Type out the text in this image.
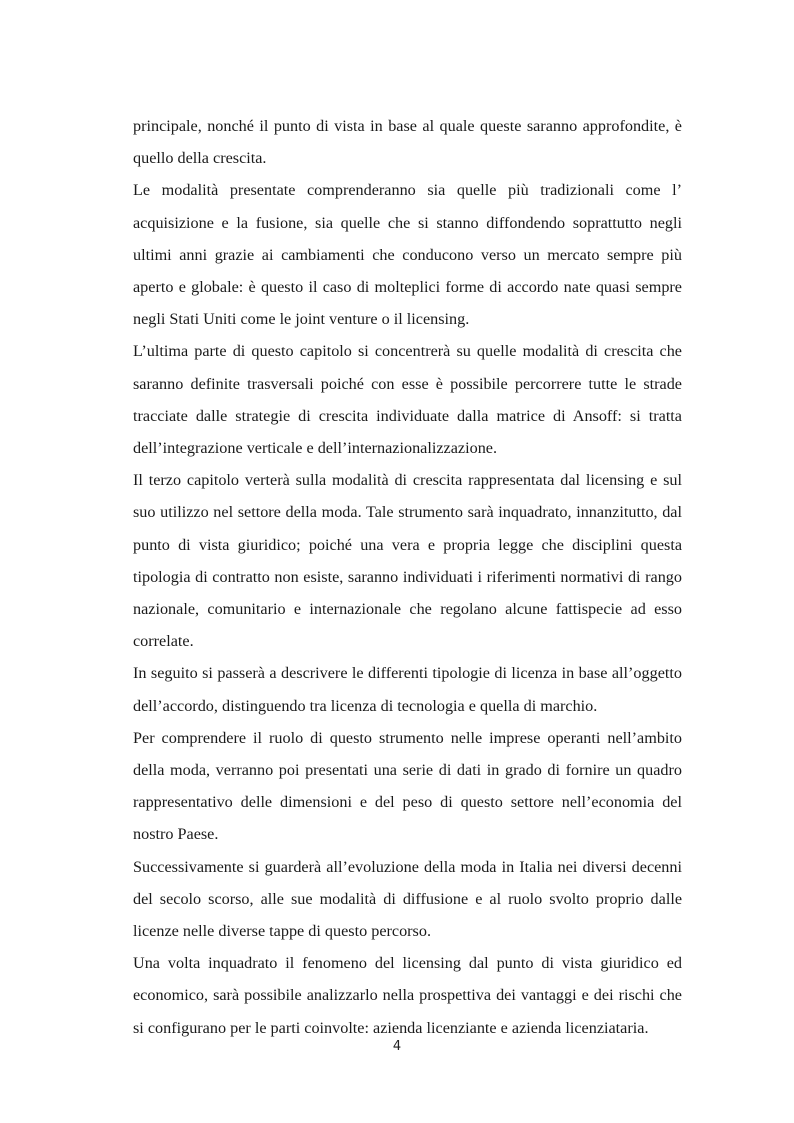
principale, nonché il punto di vista in base al quale queste saranno approfondite, è quello della crescita.

Le modalità presentate comprenderanno sia quelle più tradizionali come l’ acquisizione e la fusione, sia quelle che si stanno diffondendo soprattutto negli ultimi anni grazie ai cambiamenti che conducono verso un mercato sempre più aperto e globale: è questo il caso di molteplici forme di accordo nate quasi sempre negli Stati Uniti come le joint venture o il licensing.

L’ultima parte di questo capitolo si concentrerà su quelle modalità di crescita che saranno definite trasversali poiché con esse è possibile percorrere tutte le strade tracciate dalle strategie di crescita individuate dalla matrice di Ansoff: si tratta dell’integrazione verticale e dell’internazionalizzazione.

Il terzo capitolo verterà sulla modalità di crescita rappresentata dal licensing e sul suo utilizzo nel settore della moda. Tale strumento sarà inquadrato, innanzitutto, dal punto di vista giuridico; poiché una vera e propria legge che disciplini questa tipologia di contratto non esiste, saranno individuati i riferimenti normativi di rango nazionale, comunitario e internazionale che regolano alcune fattispecie ad esso correlate.

In seguito si passerà a descrivere le differenti tipologie di licenza in base all’oggetto dell’accordo, distinguendo tra licenza di tecnologia e quella di marchio.

Per comprendere il ruolo di questo strumento nelle imprese operanti nell’ambito della moda, verranno poi presentati una serie di dati in grado di fornire un quadro rappresentativo delle dimensioni e del peso di questo settore nell’economia del nostro Paese.

Successivamente si guarderà all’evoluzione della moda in Italia nei diversi decenni del secolo scorso, alle sue modalità di diffusione e al ruolo svolto proprio dalle licenze nelle diverse tappe di questo percorso.

Una volta inquadrato il fenomeno del licensing dal punto di vista giuridico ed economico, sarà possibile analizzarlo nella prospettiva dei vantaggi e dei rischi che si configurano per le parti coinvolte: azienda licenziante e azienda licenziataria.

4
